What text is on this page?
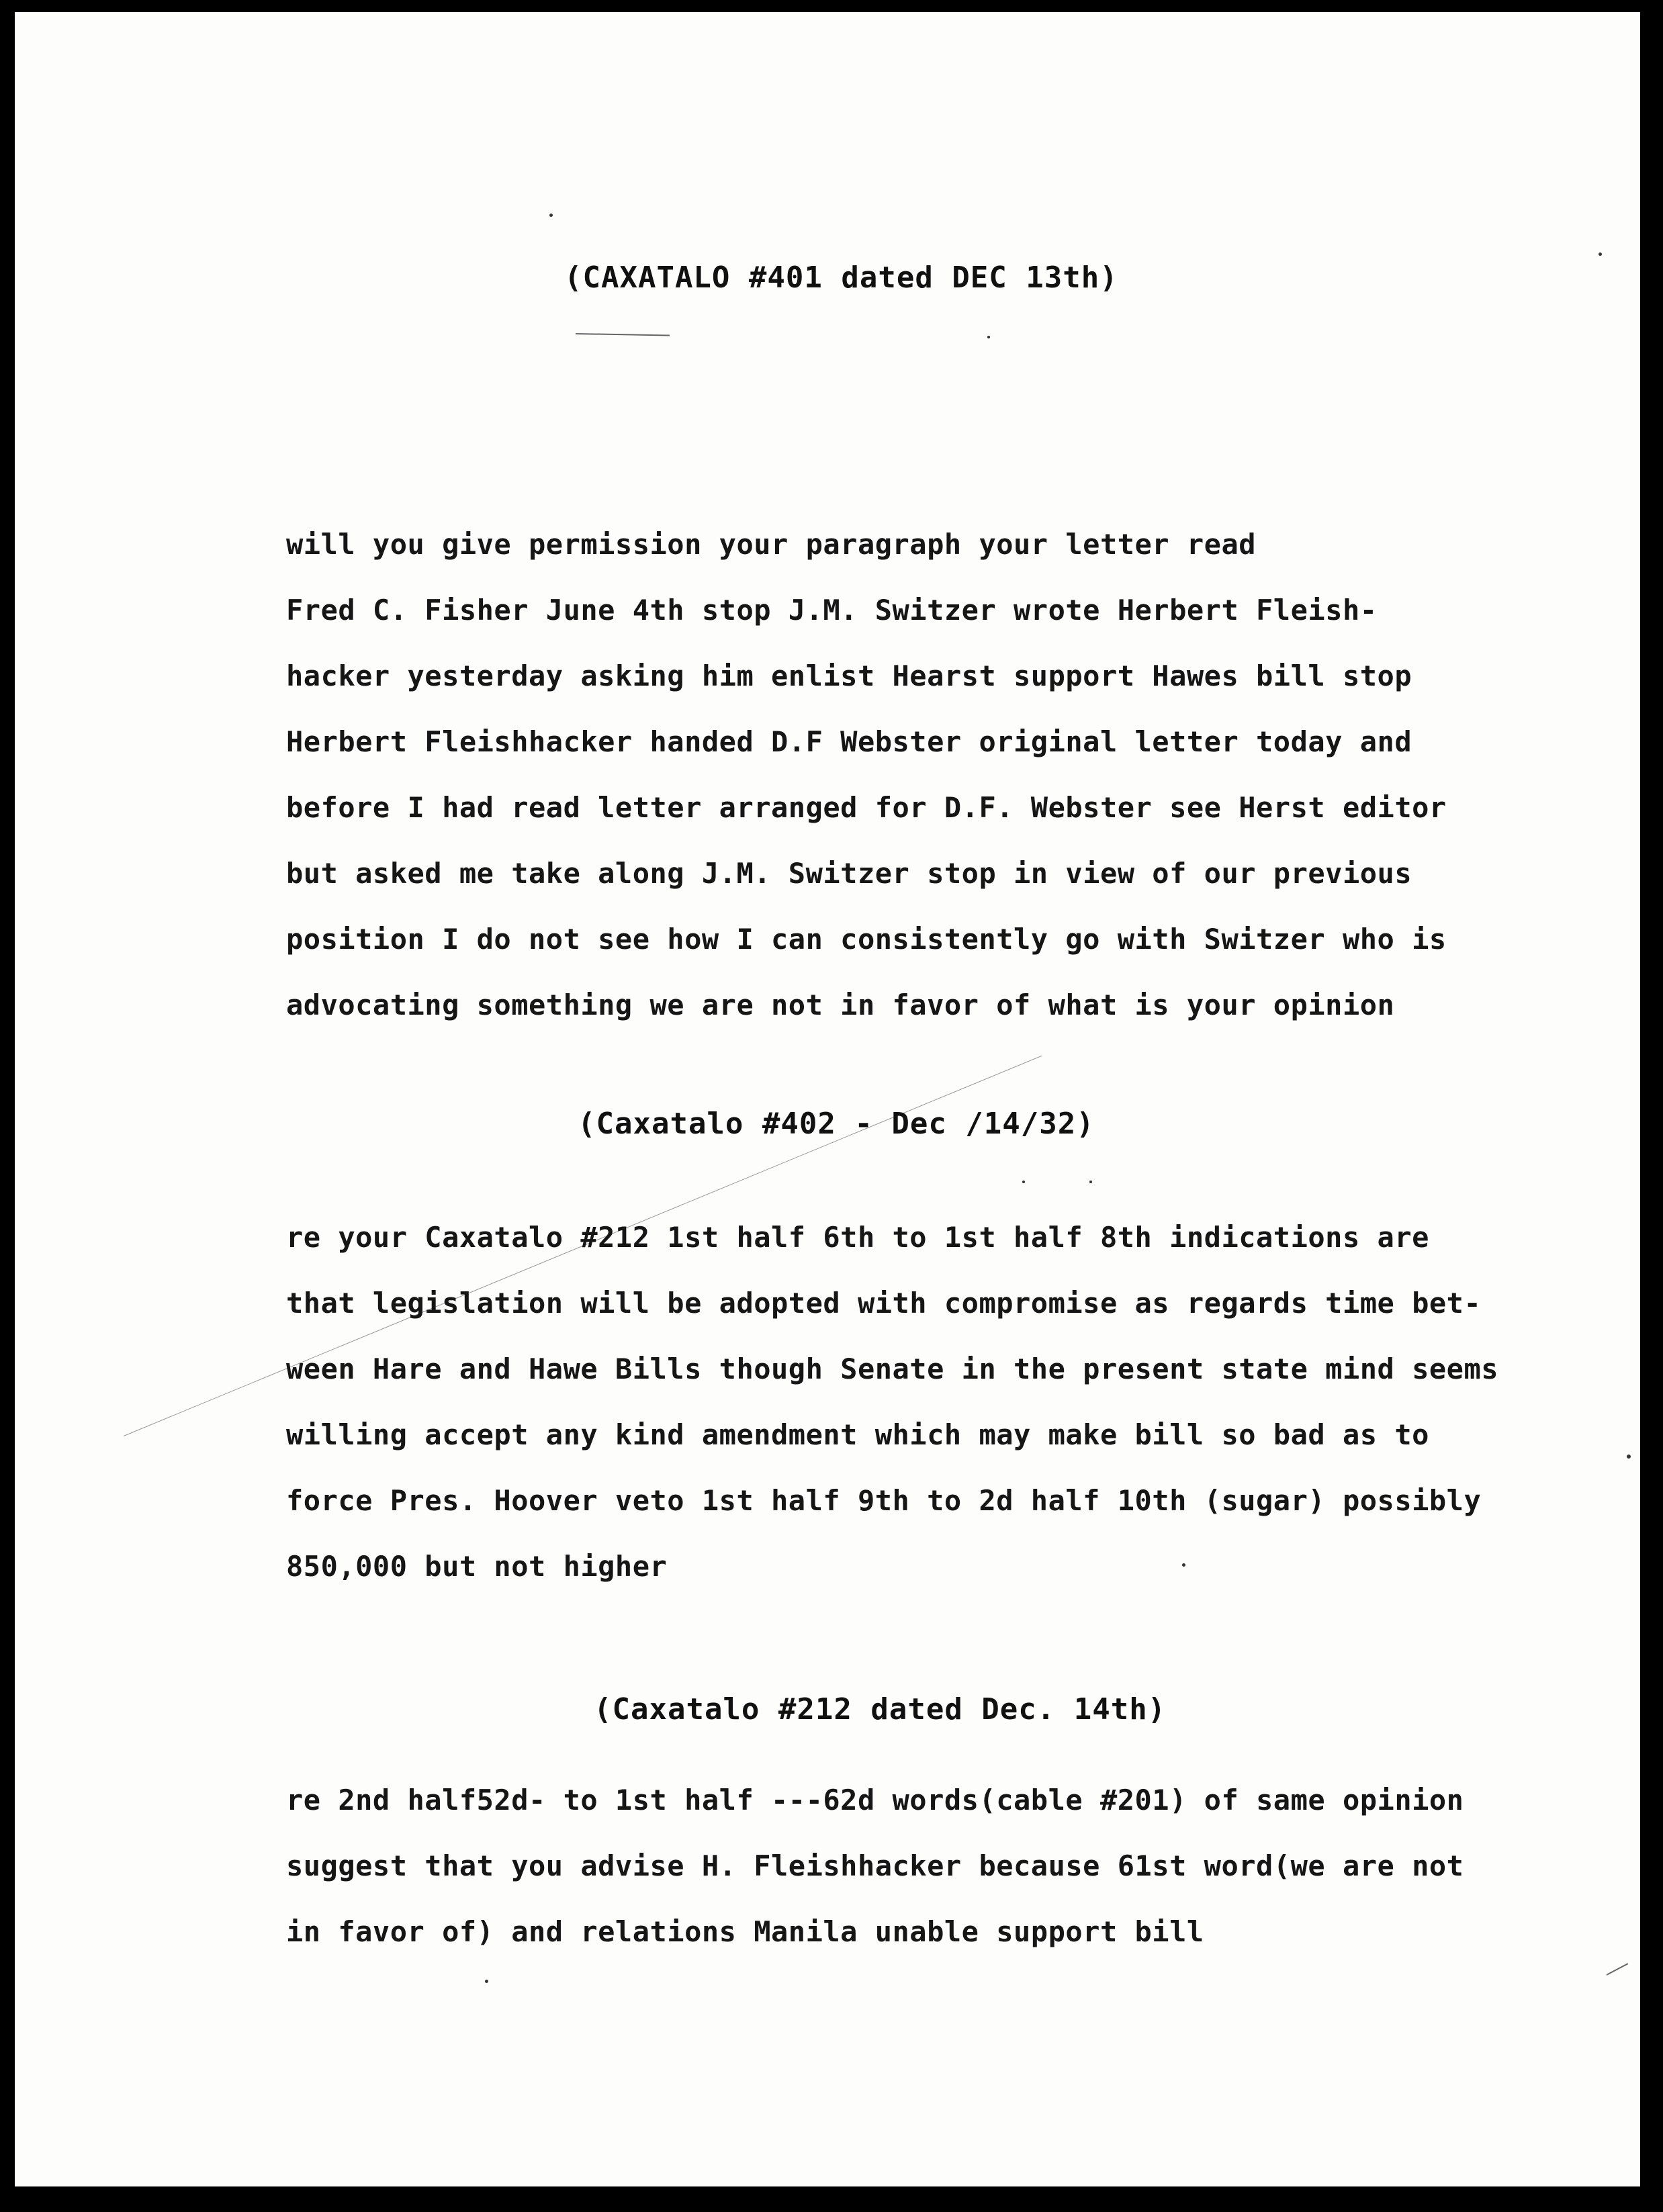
(CAXATALO #401 dated DEC 13th)
will you give permission your paragraph your letter read
Fred C. Fisher June 4th stop J.M. Switzer wrote Herbert Fleish-
hacker yesterday asking him enlist Hearst support Hawes bill stop
Herbert Fleishhacker handed D.F Webster original letter today and
before I had read letter arranged for D.F. Webster see Herst editor
but asked me take along J.M. Switzer stop in view of our previous
position I do not see how I can consistently go with Switzer who is
advocating something we are not in favor of what is your opinion
(Caxatalo #402 - Dec /14/32)
re your Caxatalo #212 1st half 6th to 1st half 8th indications are
that legislation will be adopted with compromise as regards time bet-
ween Hare and Hawe Bills though Senate in the present state mind seems
willing accept any kind amendment which may make bill so bad as to
force Pres. Hoover veto 1st half 9th to 2d half 10th (sugar) possibly
850,000 but not higher
(Caxatalo #212 dated Dec. 14th)
re 2nd half52d- to 1st half ---62d words(cable #201) of same opinion
suggest that you advise H. Fleishhacker because 61st word(we are not
in favor of) and relations Manila unable support bill
